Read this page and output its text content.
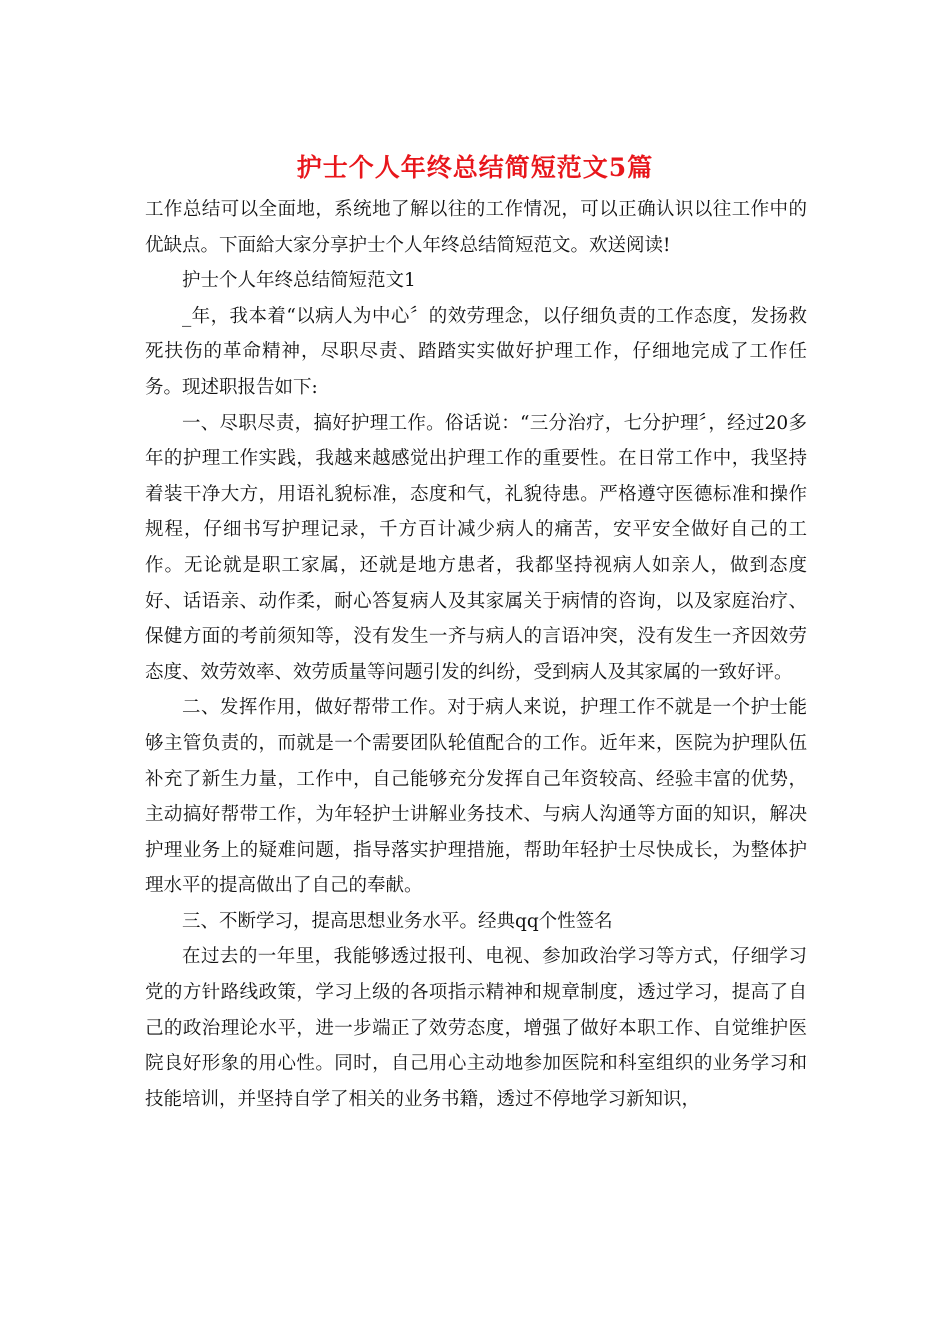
护士个人年终总结简短范文5篇

工作总结可以全面地，系统地了解以往的工作情况，可以正确认识以往工作中的优缺点。下面給大家分享护士个人年终总结简短范文。欢送阅读!

护士个人年终总结简短范文1

_年，我本着“以病人为中心〞的效劳理念，以仔细负责的工作态度，发扬救死扶伤的革命精神，尽职尽责、踏踏实实做好护理工作，仔细地完成了工作任务。现述职报告如下:

一、尽职尽责，搞好护理工作。俗话说：“三分治疗，七分护理〞，经过20多年的护理工作实践，我越来越感觉出护理工作的重要性。在日常工作中，我坚持着装干净大方，用语礼貌标准，态度和气，礼貌待患。严格遵守医德标准和操作规程，仔细书写护理记录，千方百计减少病人的痛苦，安平安全做好自己的工作。无论就是职工家属，还就是地方患者，我都坚持视病人如亲人，做到态度好、话语亲、动作柔，耐心答复病人及其家属关于病情的咨询，以及家庭治疗、保健方面的考前须知等，没有发生一齐与病人的言语冲突，没有发生一齐因效劳态度、效劳效率、效劳质量等问题引发的纠纷，受到病人及其家属的一致好评。

二、发挥作用，做好帮带工作。对于病人来说，护理工作不就是一个护士能够主管负责的，而就是一个需要团队轮值配合的工作。近年来，医院为护理队伍补充了新生力量，工作中，自己能够充分发挥自己年资较高、经验丰富的优势，主动搞好帮带工作，为年轻护士讲解业务技术、与病人沟通等方面的知识，解决护理业务上的疑难问题，指导落实护理措施，帮助年轻护士尽快成长，为整体护理水平的提高做出了自己的奉献。

三、不断学习，提高思想业务水平。经典qq个性签名

在过去的一年里，我能够透过报刊、电视、参加政治学习等方式，仔细学习党的方针路线政策，学习上级的各项指示精神和规章制度，透过学习，提高了自己的政治理论水平，进一步端正了效劳态度，增强了做好本职工作、自觉维护医院良好形象的用心性。同时，自己用心主动地参加医院和科室组织的业务学习和技能培训，并坚持自学了相关的业务书籍，透过不停地学习新知识，
